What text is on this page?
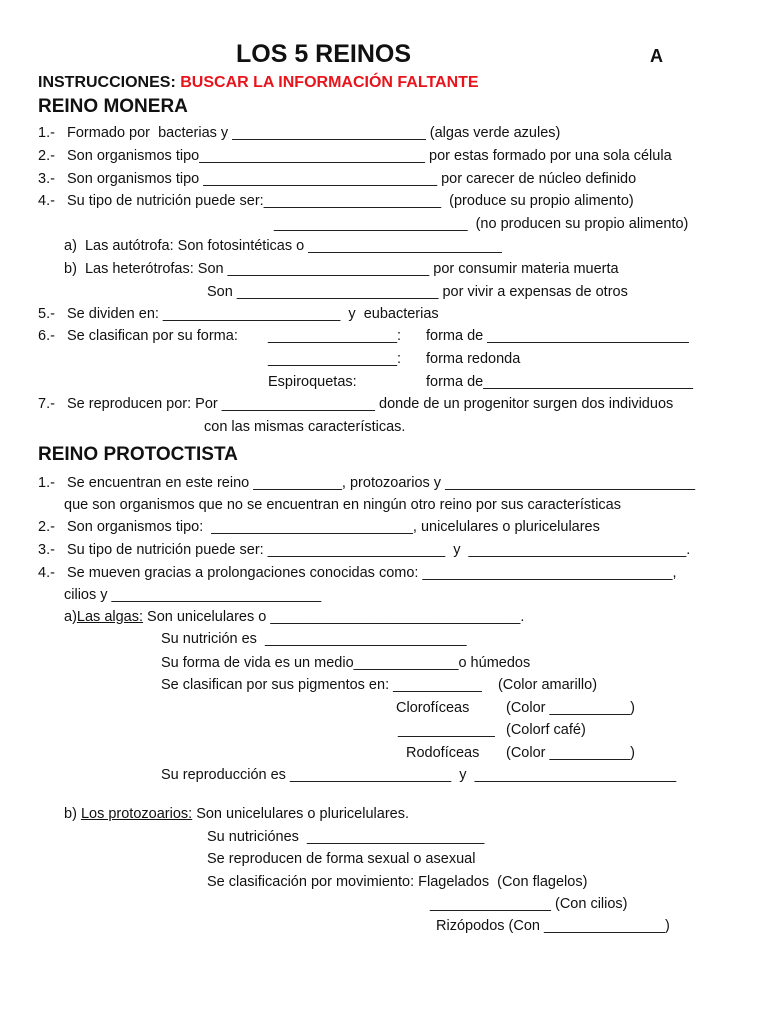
LOS 5 REINOS	A
INSTRUCCIONES: BUSCAR LA INFORMACIÓN FALTANTE
REINO MONERA
1.-   Formado por  bacterias y ________________________ (algas verde azules)
2.-   Son organismos tipo____________________________ por estas formado por una sola célula
3.-   Son organismos tipo _____________________________ por carecer de núcleo definido
4.-   Su tipo de nutrición puede ser:______________________  (produce su propio alimento)
________________________  (no producen su propio alimento)
a)  Las autótrofa: Son fotosintéticas o ________________________
b)  Las heterótrofas: Son _________________________ por consumir materia muerta
Son _________________________ por vivir a expensas de otros
5.-   Se dividen en: ______________________  y  eubacterias
6.-   Se clasifican por su forma: ________________: forma de _________________________
________________: forma redonda
Espiroquetas:	forma de__________________________
7.-   Se reproducen por: Por ___________________ donde de un progenitor surgen dos individuos
con las mismas características.
REINO PROTOCTISTA
1.-   Se encuentran en este reino ___________, protozoarios y _______________________________
que son organismos que no se encuentran en ningún otro reino por sus características
2.-   Son organismos tipo:  _________________________, unicelulares o pluricelulares
3.-   Su tipo de nutrición puede ser: ______________________  y  ___________________________.
4.-   Se mueven gracias a prolongaciones conocidas como: _______________________________,
cilios y __________________________
a)Las algas: Son unicelulares o _______________________________.
Su nutrición es  _________________________
Su forma de vida es un medio_____________o húmedos
Se clasifican por sus pigmentos en: ___________    (Color amarillo)
Clorofíceas	(Color __________)
____________ (Colorf café)
Rodofíceas (Color __________)
Su reproducción es ____________________  y  _________________________
b) Los protozoarios: Son unicelulares o pluricelulares.
Su nutriciónes  ______________________
Se reproducen de forma sexual o asexual
Se clasificación por movimiento: Flagelados  (Con flagelos)
_______________ (Con cilios)
Rizópodos (Con _______________)
